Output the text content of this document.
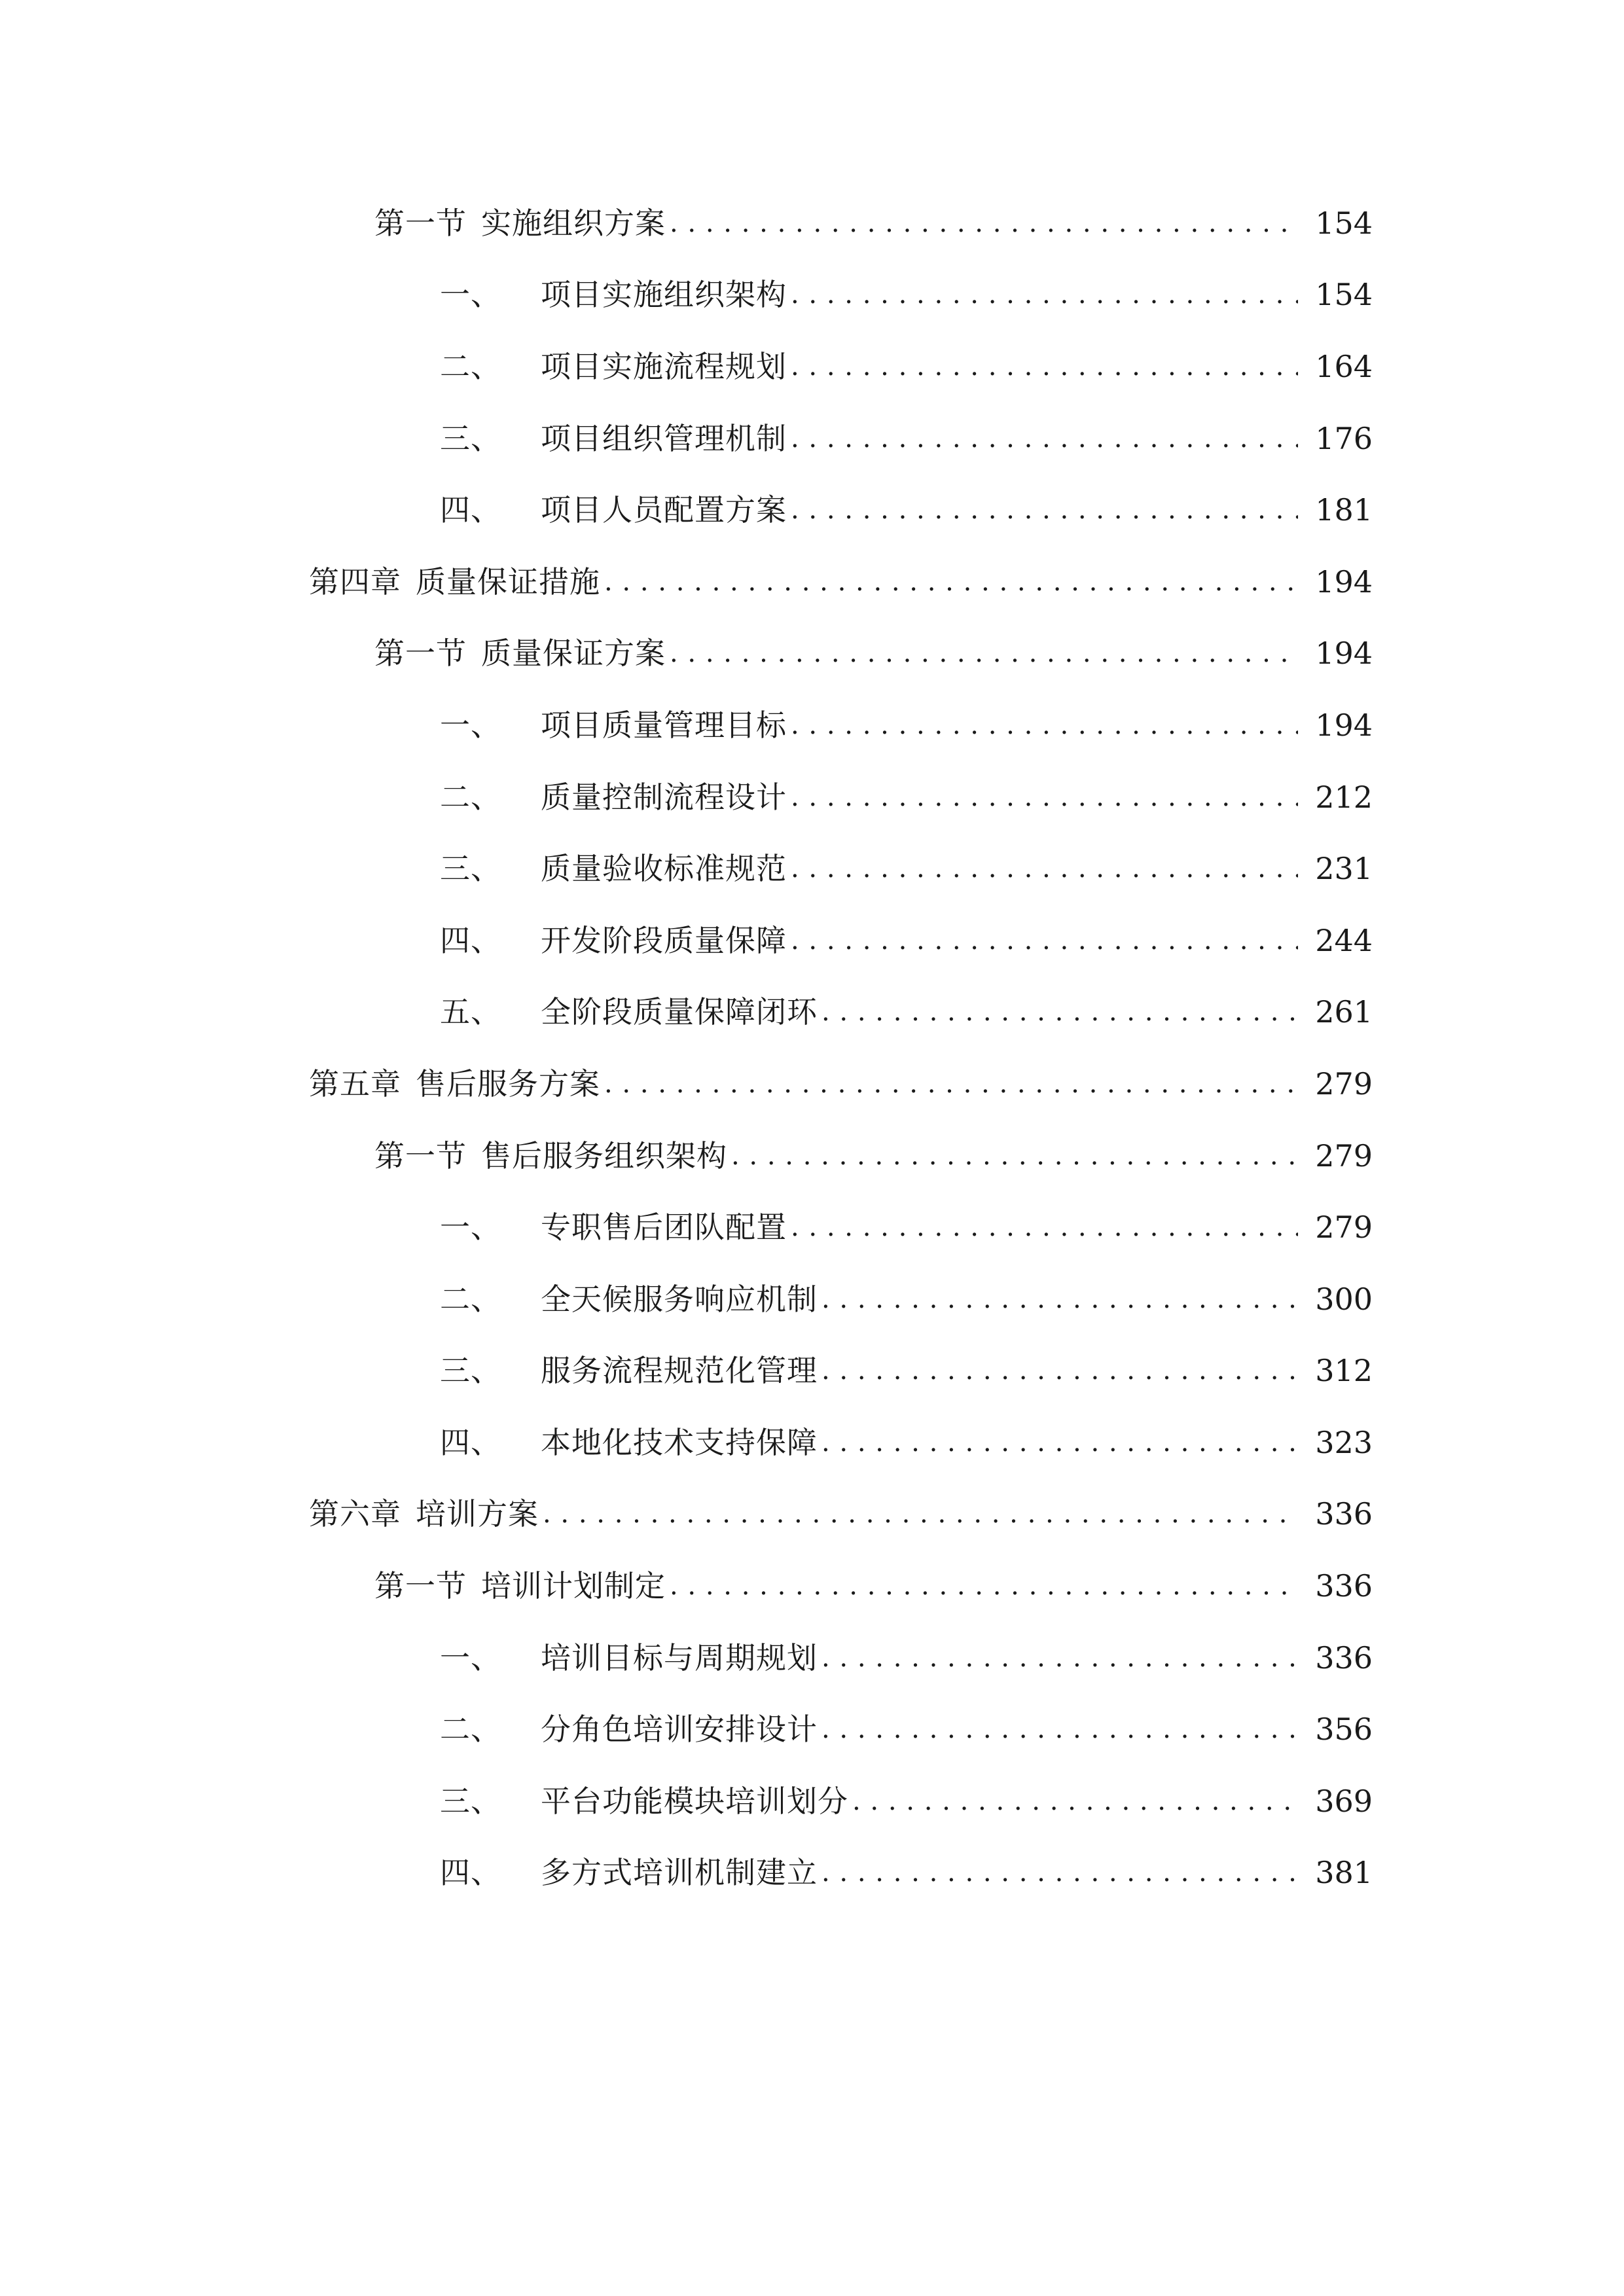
第一节 实施组织方案 . . .	154
一、 项目实施组织架构 . . .	154
二、 项目实施流程规划 . . .	164
三、 项目组织管理机制 . . .	176
四、 项目人员配置方案 . . .	181
第四章 质量保证措施 . . .	194
第一节 质量保证方案 . . .	194
一、 项目质量管理目标 . . .	194
二、 质量控制流程设计 . . .	212
三、 质量验收标准规范 . . .	231
四、 开发阶段质量保障 . . .	244
五、 全阶段质量保障闭环 . . .	261
第五章 售后服务方案 . . .	279
第一节 售后服务组织架构 . . .	279
一、 专职售后团队配置 . . .	279
二、 全天候服务响应机制 . . .	300
三、 服务流程规范化管理 . . .	312
四、 本地化技术支持保障 . . .	323
第六章 培训方案 . . .	336
第一节 培训计划制定 . . .	336
一、 培训目标与周期规划 . . .	336
二、 分角色培训安排设计 . . .	356
三、 平台功能模块培训划分 . . .	369
四、 多方式培训机制建立 . . .	381
